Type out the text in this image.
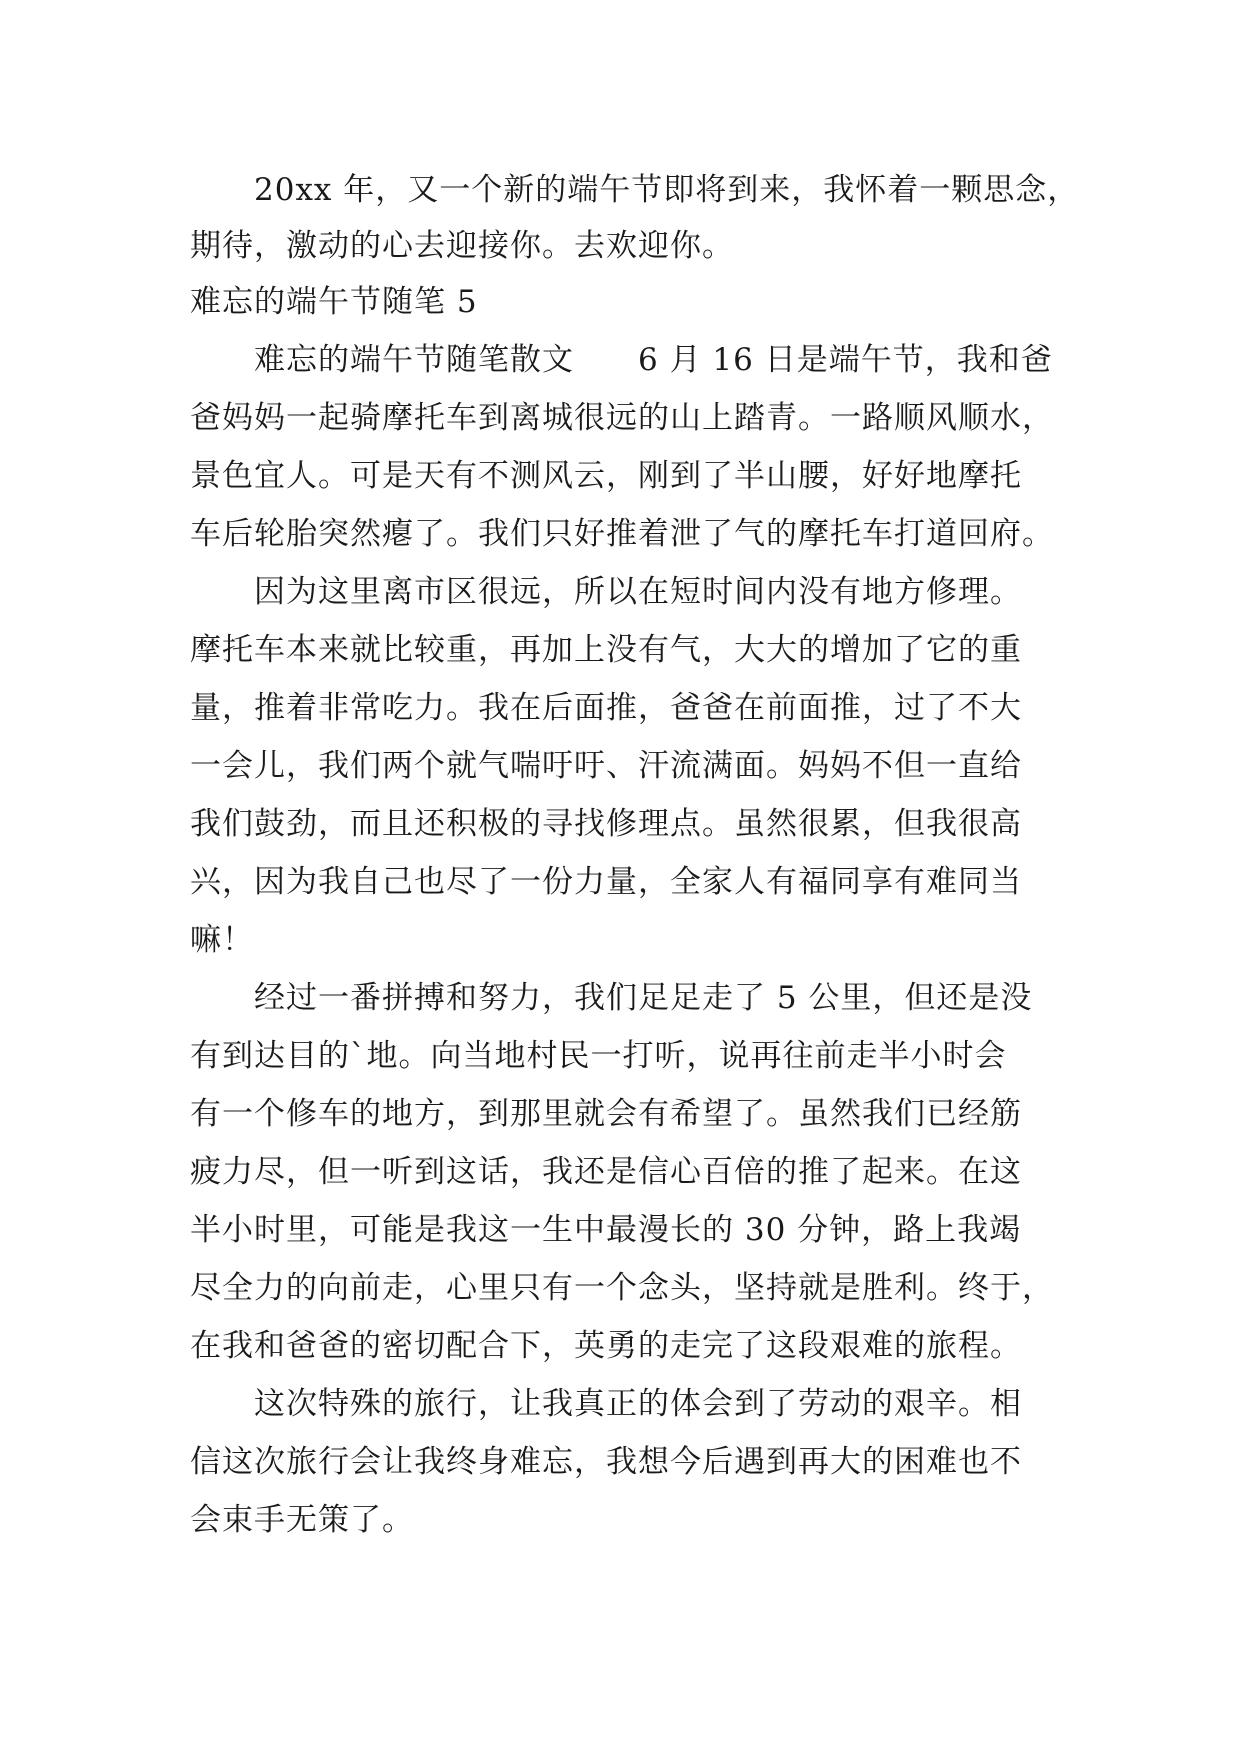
20xx 年，又一个新的端午节即将到来，我怀着一颗思念，
期待，激动的心去迎接你。去欢迎你。
难忘的端午节随笔 5
难忘的端午节随笔散文　　6 月 16 日是端午节，我和爸
爸妈妈一起骑摩托车到离城很远的山上踏青。一路顺风顺水，
景色宜人。可是天有不测风云，刚到了半山腰，好好地摩托
车后轮胎突然瘪了。我们只好推着泄了气的摩托车打道回府。
因为这里离市区很远，所以在短时间内没有地方修理。
摩托车本来就比较重，再加上没有气，大大的增加了它的重
量，推着非常吃力。我在后面推，爸爸在前面推，过了不大
一会儿，我们两个就气喘吁吁、汗流满面。妈妈不但一直给
我们鼓劲，而且还积极的寻找修理点。虽然很累，但我很高
兴，因为我自己也尽了一份力量，全家人有福同享有难同当
嘛！
经过一番拼搏和努力，我们足足走了 5 公里，但还是没
有到达目的`地。向当地村民一打听，说再往前走半小时会
有一个修车的地方，到那里就会有希望了。虽然我们已经筋
疲力尽，但一听到这话，我还是信心百倍的推了起来。在这
半小时里，可能是我这一生中最漫长的 30 分钟，路上我竭
尽全力的向前走，心里只有一个念头，坚持就是胜利。终于，
在我和爸爸的密切配合下，英勇的走完了这段艰难的旅程。
这次特殊的旅行，让我真正的体会到了劳动的艰辛。相
信这次旅行会让我终身难忘，我想今后遇到再大的困难也不
会束手无策了。
